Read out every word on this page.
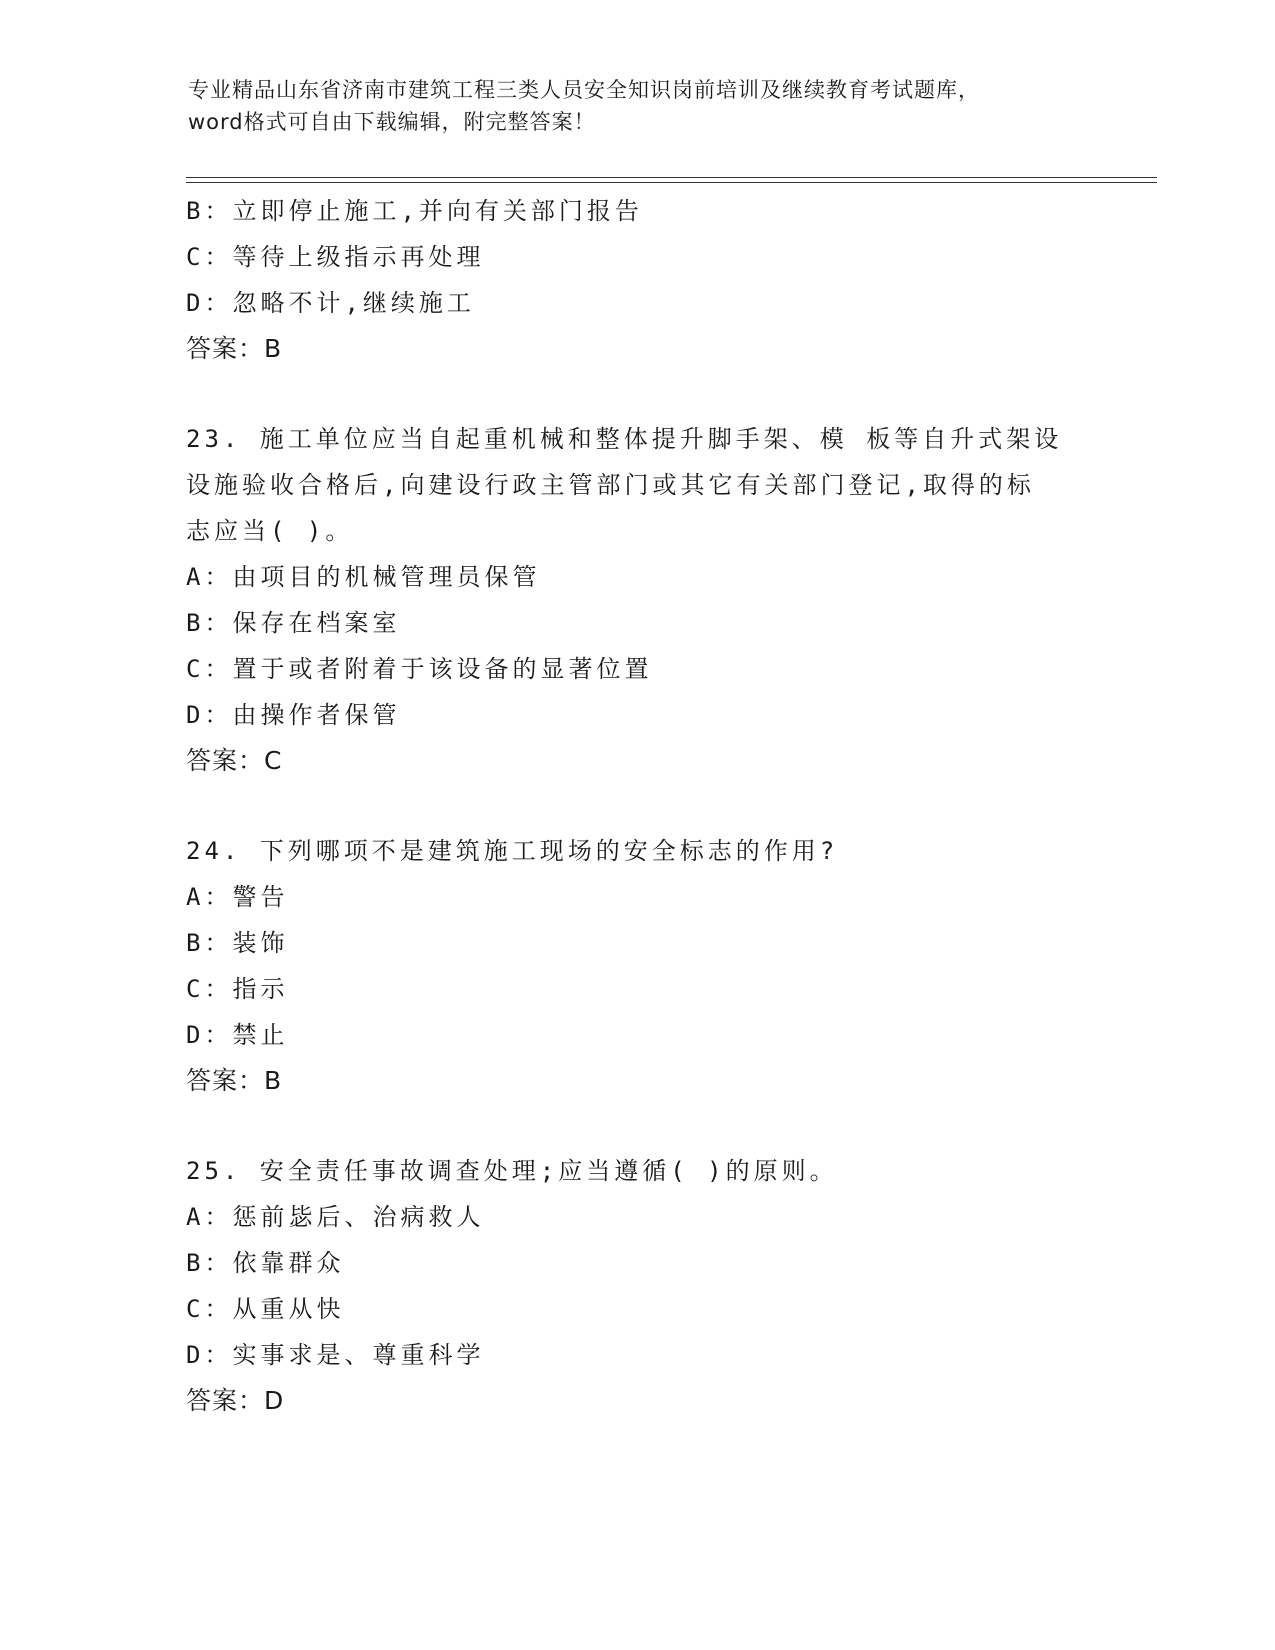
专业精品山东省济南市建筑工程三类人员安全知识岗前培训及继续教育考试题库，
word格式可自由下载编辑，附完整答案！
B：立即停止施工,并向有关部门报告
C：等待上级指示再处理
D：忽略不计,继续施工
答案：B
23. 施工单位应当自起重机械和整体提升脚手架、模 板等自升式架设
设施验收合格后,向建设行政主管部门或其它有关部门登记,取得的标
志应当( )。
A：由项目的机械管理员保管
B：保存在档案室
C：置于或者附着于该设备的显著位置
D：由操作者保管
答案：C
24. 下列哪项不是建筑施工现场的安全标志的作用?
A：警告
B：装饰
C：指示
D：禁止
答案：B
25. 安全责任事故调查处理;应当遵循( )的原则。
A：惩前毖后、治病救人
B：依靠群众
C：从重从快
D：实事求是、尊重科学
答案：D
